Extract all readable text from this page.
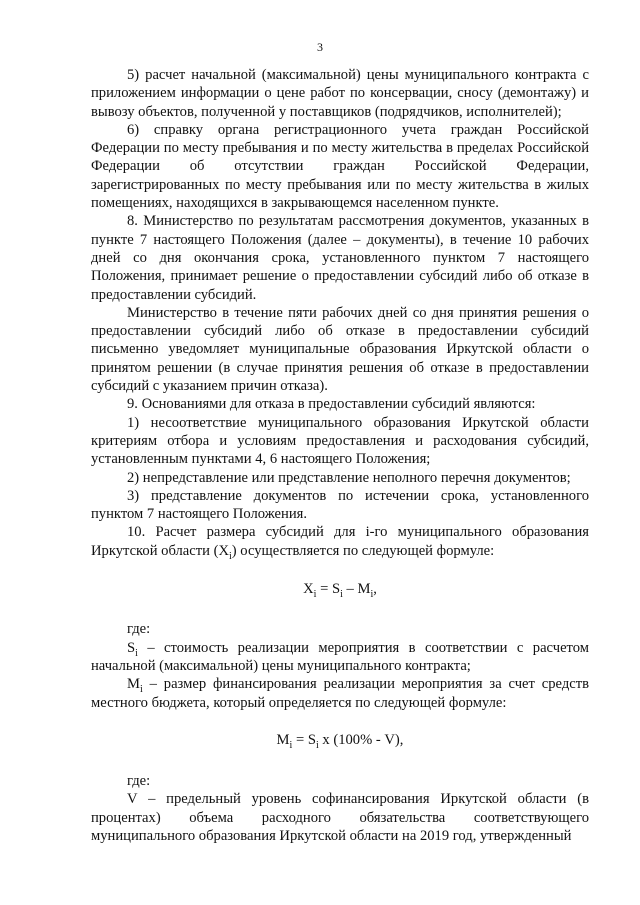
3

5) расчет начальной (максимальной) цены муниципального контракта с приложением информации о цене работ по консервации, сносу (демонтажу) и вывозу объектов, полученной у поставщиков (подрядчиков, исполнителей);

6) справку органа регистрационного учета граждан Российской Федерации по месту пребывания и по месту жительства в пределах Российской Федерации об отсутствии граждан Российской Федерации, зарегистрированных по месту пребывания или по месту жительства в жилых помещениях, находящихся в закрывающемся населенном пункте.

8. Министерство по результатам рассмотрения документов, указанных в пункте 7 настоящего Положения (далее – документы), в течение 10 рабочих дней со дня окончания срока, установленного пунктом 7 настоящего Положения, принимает решение о предоставлении субсидий либо об отказе в предоставлении субсидий.

Министерство в течение пяти рабочих дней со дня принятия решения о предоставлении субсидий либо об отказе в предоставлении субсидий письменно уведомляет муниципальные образования Иркутской области о принятом решении (в случае принятия решения об отказе в предоставлении субсидий с указанием причин отказа).

9. Основаниями для отказа в предоставлении субсидий являются:

1) несоответствие муниципального образования Иркутской области критериям отбора и условиям предоставления и расходования субсидий, установленным пунктами 4, 6 настоящего Положения;

2) непредставление или представление неполного перечня документов;

3) представление документов по истечении срока, установленного пунктом 7 настоящего Положения.

10. Расчет размера субсидий для i-го муниципального образования Иркутской области $(X_i)$ осуществляется по следующей формуле:

$X_i = S_i - M_i$,

где:

$S_i$ – стоимость реализации мероприятия в соответствии с расчетом начальной (максимальной) цены муниципального контракта;

$M_i$ – размер финансирования реализации мероприятия за счет средств местного бюджета, который определяется по следующей формуле:

$M_i = S_i$ х (100% - V),

где:

V – предельный уровень софинансирования Иркутской области (в процентах) объема расходного обязательства соответствующего муниципального образования Иркутской области на 2019 год, утвержденный
